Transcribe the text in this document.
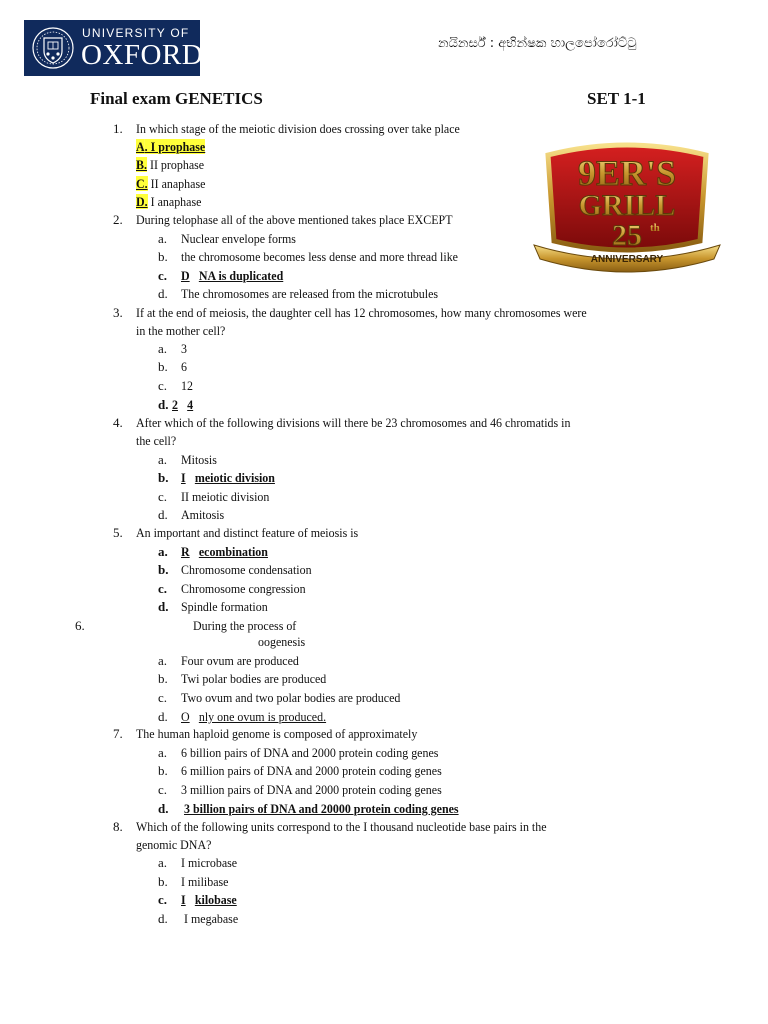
UNIVERSITY OF
OXFORD	නයිනර්ස් : අභින්ෂක හාලපෝරෝට්ටු
Final exam GENETICS	SET 1-1
9ER'S
GRILL
25 th
ANNIVERSARY
1. In which stage of the meiotic division does crossing over take place
A. I prophase
B. II prophase
C. II anaphase
D. I anaphase
2. During telophase all of the above mentioned takes place EXCEPT
a. Nuclear envelope forms
b. the chromosome becomes less dense and more thread like
c. D NA is duplicated
d. The chromosomes are released from the microtubules
3. If at the end of meiosis, the daughter cell has 12 chromosomes, how many chromosomes were
in the mother cell?
a. 3
b. 6
c. 12
d. 2 4
4. After which of the following divisions will there be 23 chromosomes and 46 chromatids in
the cell?
a. Mitosis
b. I meiotic division
c. II meiotic division
d. Amitosis
5. An important and distinct feature of meiosis is
a. R ecombination
b. Chromosome condensation
c. Chromosome congression
d. Spindle formation
6.	During the process of
oogenesis
a. Four ovum are produced
b. Twi polar bodies are produced
c. Two ovum and two polar bodies are produced
d. O nly one ovum is produced.
7. The human haploid genome is composed of approximately
a. 6 billion pairs of DNA and 2000 protein coding genes
b. 6 million pairs of DNA and 2000 protein coding genes
c. 3 million pairs of DNA and 2000 protein coding genes
d. 3 billion pairs of DNA and 20000 protein coding genes
8. Which of the following units correspond to the I thousand nucleotide base pairs in the
genomic DNA?
a. I microbase
b. I milibase
c. I kilobase
d. I megabase
